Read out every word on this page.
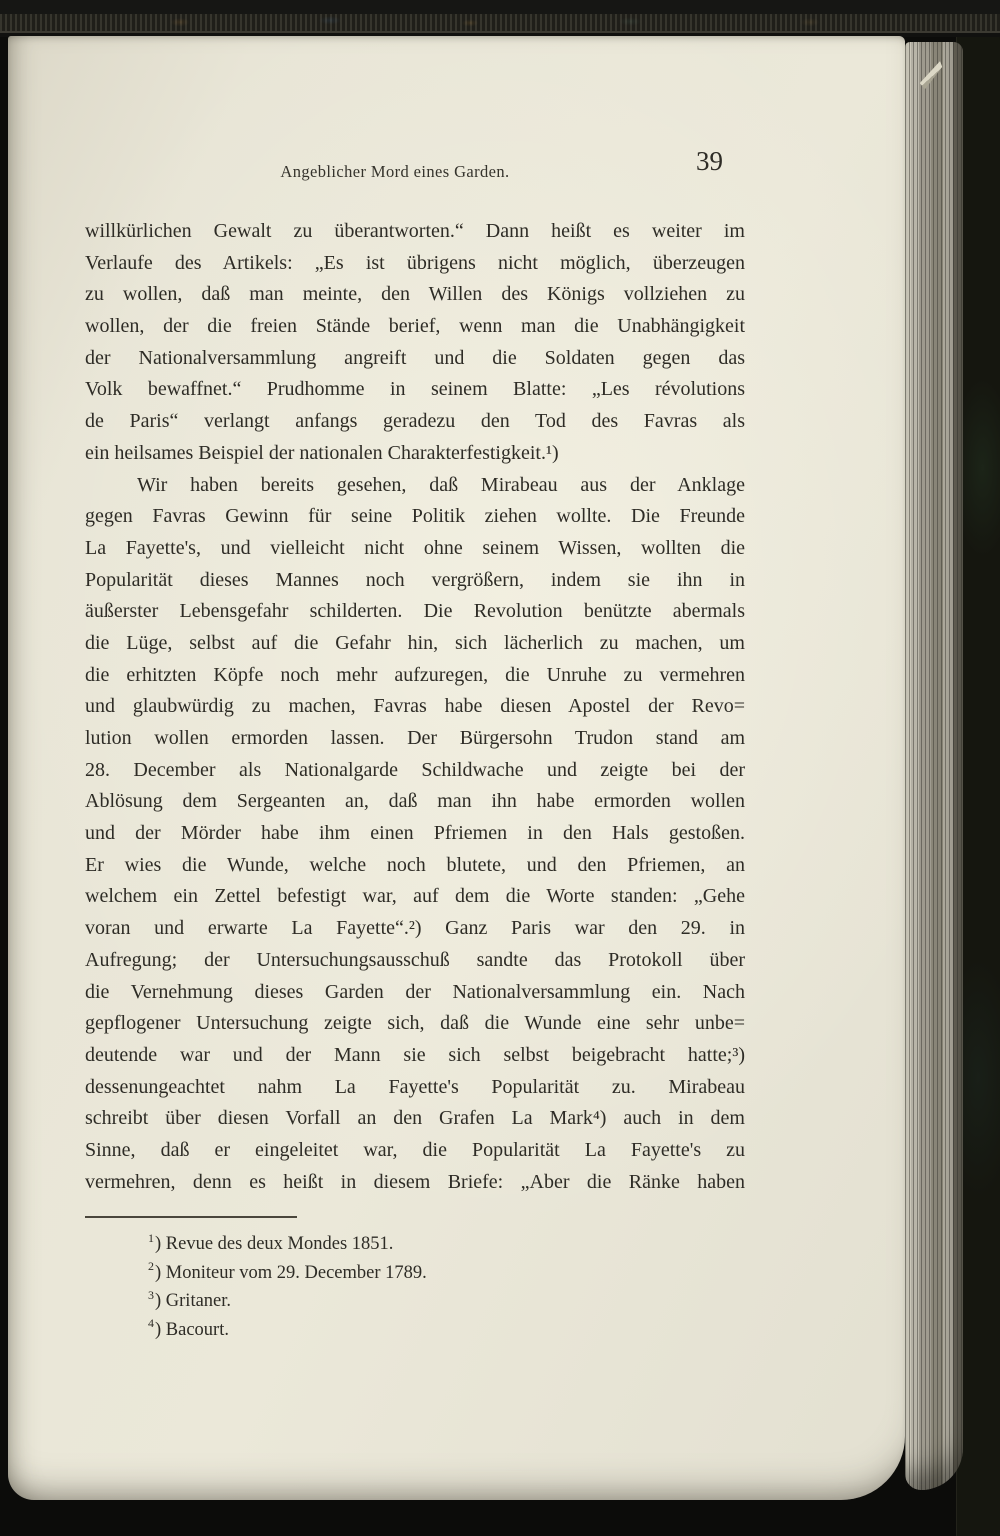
Angeblicher Mord eines Garden.	39
willkürlichen Gewalt zu überantworten.“ Dann heißt es weiter im
Verlaufe des Artikels: „Es ist übrigens nicht möglich, überzeugen
zu wollen, daß man meinte, den Willen des Königs vollziehen zu
wollen, der die freien Stände berief, wenn man die Unabhängigkeit
der Nationalversammlung angreift und die Soldaten gegen das
Volk bewaffnet.“ Prudhomme in seinem Blatte: „Les révolutions
de Paris“ verlangt anfangs geradezu den Tod des Favras als
ein heilsames Beispiel der nationalen Charakterfestigkeit.¹)
Wir haben bereits gesehen, daß Mirabeau aus der Anklage
gegen Favras Gewinn für seine Politik ziehen wollte. Die Freunde
La Fayette's, und vielleicht nicht ohne seinem Wissen, wollten die
Popularität dieses Mannes noch vergrößern, indem sie ihn in
äußerster Lebensgefahr schilderten. Die Revolution benützte abermals
die Lüge, selbst auf die Gefahr hin, sich lächerlich zu machen, um
die erhitzten Köpfe noch mehr aufzuregen, die Unruhe zu vermehren
und glaubwürdig zu machen, Favras habe diesen Apostel der Revo=
lution wollen ermorden lassen. Der Bürgersohn Trudon stand am
28. December als Nationalgarde Schildwache und zeigte bei der
Ablösung dem Sergeanten an, daß man ihn habe ermorden wollen
und der Mörder habe ihm einen Pfriemen in den Hals gestoßen.
Er wies die Wunde, welche noch blutete, und den Pfriemen, an
welchem ein Zettel befestigt war, auf dem die Worte standen: „Gehe
voran und erwarte La Fayette“.²) Ganz Paris war den 29. in
Aufregung; der Untersuchungsausschuß sandte das Protokoll über
die Vernehmung dieses Garden der Nationalversammlung ein. Nach
gepflogener Untersuchung zeigte sich, daß die Wunde eine sehr unbe=
deutende war und der Mann sie sich selbst beigebracht hatte;³)
dessenungeachtet nahm La Fayette's Popularität zu. Mirabeau
schreibt über diesen Vorfall an den Grafen La Mark⁴) auch in dem
Sinne, daß er eingeleitet war, die Popularität La Fayette's zu
vermehren, denn es heißt in diesem Briefe: „Aber die Ränke haben
$^1$) Revue des deux Mondes 1851.
$^2$) Moniteur vom 29. December 1789.
$^3$) Gritaner.
$^4$) Bacourt.
